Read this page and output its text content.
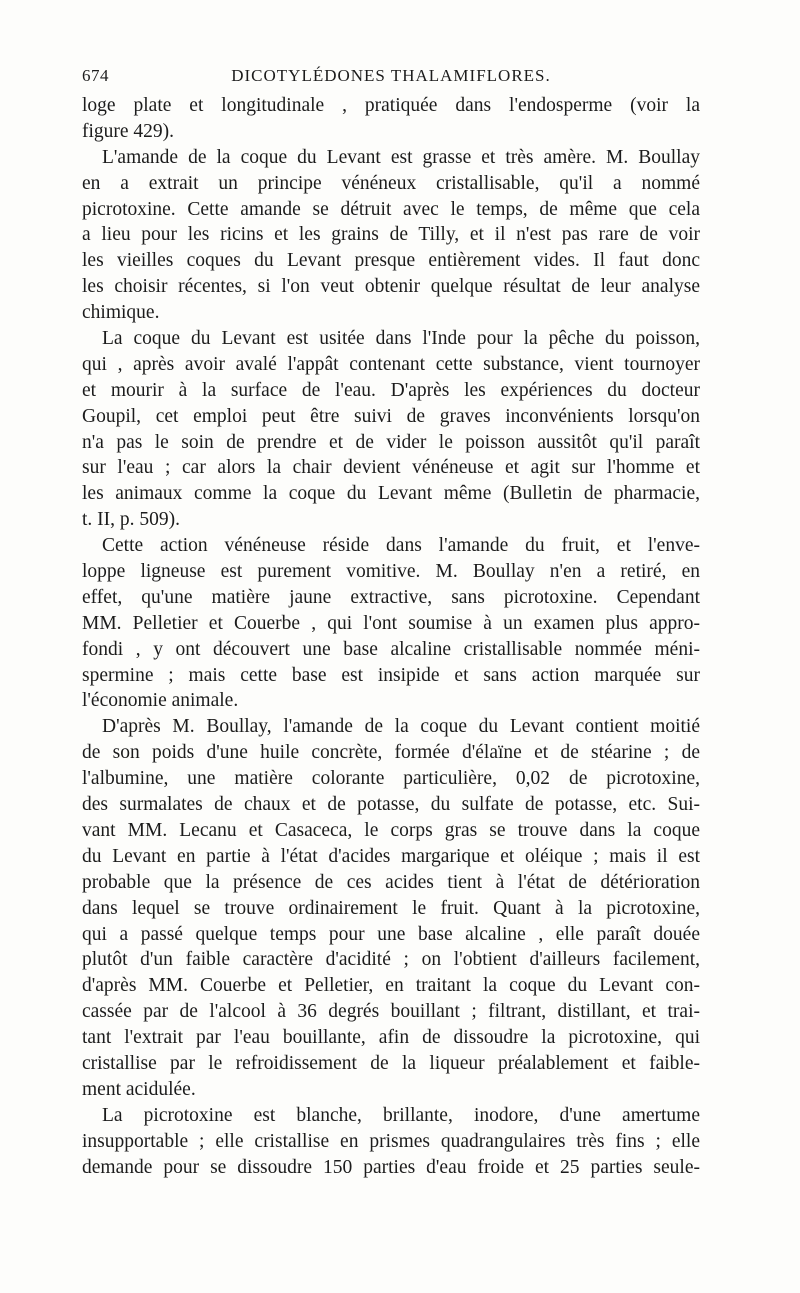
674	DICOTYLÉDONES THALAMIFLORES.
loge plate et longitudinale , pratiquée dans l'endosperme (voir la
figure 429).
L'amande de la coque du Levant est grasse et très amère. M. Boullay
en a extrait un principe vénéneux cristallisable, qu'il a nommé
picrotoxine. Cette amande se détruit avec le temps, de même que cela
a lieu pour les ricins et les grains de Tilly, et il n'est pas rare de voir
les vieilles coques du Levant presque entièrement vides. Il faut donc
les choisir récentes, si l'on veut obtenir quelque résultat de leur analyse
chimique.
La coque du Levant est usitée dans l'Inde pour la pêche du poisson,
qui , après avoir avalé l'appât contenant cette substance, vient tournoyer
et mourir à la surface de l'eau. D'après les expériences du docteur
Goupil, cet emploi peut être suivi de graves inconvénients lorsqu'on
n'a pas le soin de prendre et de vider le poisson aussitôt qu'il paraît
sur l'eau ; car alors la chair devient vénéneuse et agit sur l'homme et
les animaux comme la coque du Levant même (Bulletin de pharmacie,
t. II, p. 509).
Cette action vénéneuse réside dans l'amande du fruit, et l'enve-
loppe ligneuse est purement vomitive. M. Boullay n'en a retiré, en
effet, qu'une matière jaune extractive, sans picrotoxine. Cependant
MM. Pelletier et Couerbe , qui l'ont soumise à un examen plus appro-
fondi , y ont découvert une base alcaline cristallisable nommée méni-
spermine ; mais cette base est insipide et sans action marquée sur
l'économie animale.
D'après M. Boullay, l'amande de la coque du Levant contient moitié
de son poids d'une huile concrète, formée d'élaïne et de stéarine ; de
l'albumine, une matière colorante particulière, 0,02 de picrotoxine,
des surmalates de chaux et de potasse, du sulfate de potasse, etc. Sui-
vant MM. Lecanu et Casaceca, le corps gras se trouve dans la coque
du Levant en partie à l'état d'acides margarique et oléique ; mais il est
probable que la présence de ces acides tient à l'état de détérioration
dans lequel se trouve ordinairement le fruit. Quant à la picrotoxine,
qui a passé quelque temps pour une base alcaline , elle paraît douée
plutôt d'un faible caractère d'acidité ; on l'obtient d'ailleurs facilement,
d'après MM. Couerbe et Pelletier, en traitant la coque du Levant con-
cassée par de l'alcool à 36 degrés bouillant ; filtrant, distillant, et trai-
tant l'extrait par l'eau bouillante, afin de dissoudre la picrotoxine, qui
cristallise par le refroidissement de la liqueur préalablement et faible-
ment acidulée.
La picrotoxine est blanche, brillante, inodore, d'une amertume
insupportable ; elle cristallise en prismes quadrangulaires très fins ; elle
demande pour se dissoudre 150 parties d'eau froide et 25 parties seule-
